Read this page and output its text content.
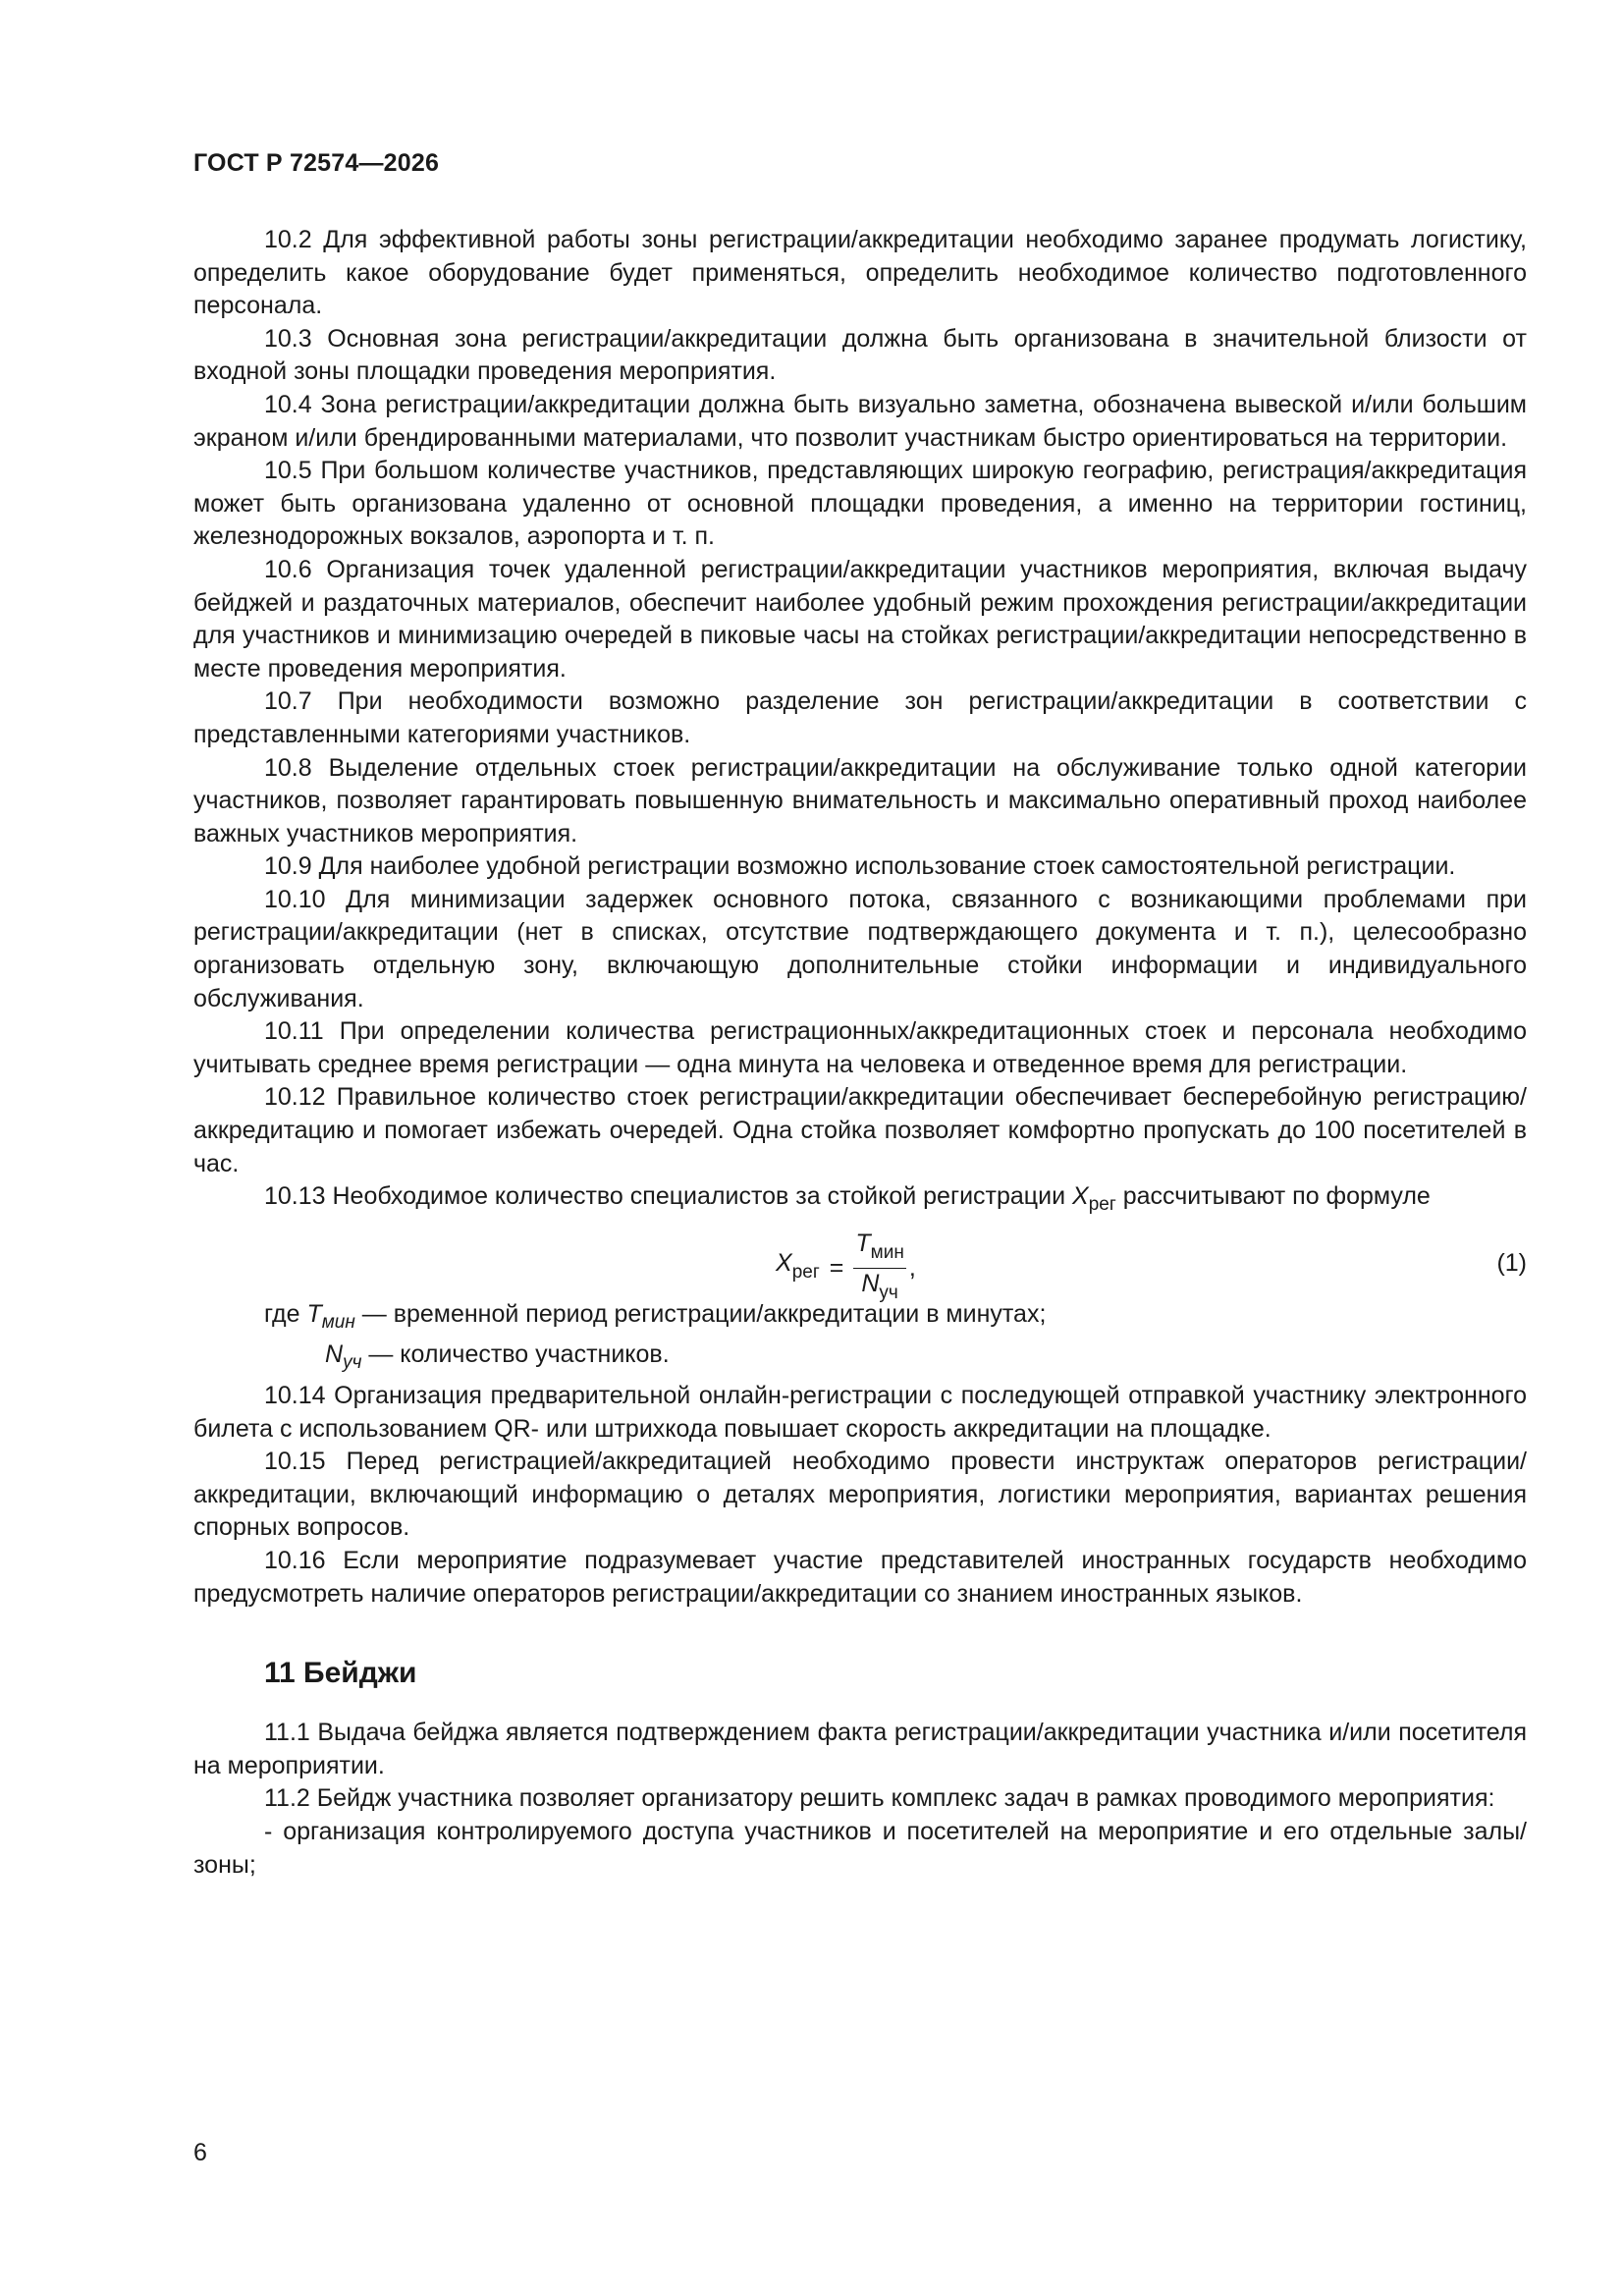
ГОСТ Р 72574—2026

10.2 Для эффективной работы зоны регистрации/аккредитации необходимо заранее продумать логистику, определить какое оборудование будет применяться, определить необходимое количество подготовленного персонала.

10.3 Основная зона регистрации/аккредитации должна быть организована в значительной близости от входной зоны площадки проведения мероприятия.

10.4 Зона регистрации/аккредитации должна быть визуально заметна, обозначена вывеской и/или большим экраном и/или брендированными материалами, что позволит участникам быстро ориентироваться на территории.

10.5 При большом количестве участников, представляющих широкую географию, регистрация/аккредитация может быть организована удаленно от основной площадки проведения, а именно на территории гостиниц, железнодорожных вокзалов, аэропорта и т. п.

10.6 Организация точек удаленной регистрации/аккредитации участников мероприятия, включая выдачу бейджей и раздаточных материалов, обеспечит наиболее удобный режим прохождения регистрации/аккредитации для участников и минимизацию очередей в пиковые часы на стойках регистрации/аккредитации непосредственно в месте проведения мероприятия.

10.7 При необходимости возможно разделение зон регистрации/аккредитации в соответствии с представленными категориями участников.

10.8 Выделение отдельных стоек регистрации/аккредитации на обслуживание только одной категории участников, позволяет гарантировать повышенную внимательность и максимально оперативный проход наиболее важных участников мероприятия.

10.9 Для наиболее удобной регистрации возможно использование стоек самостоятельной регистрации.

10.10 Для минимизации задержек основного потока, связанного с возникающими проблемами при регистрации/аккредитации (нет в списках, отсутствие подтверждающего документа и т. п.), целесообразно организовать отдельную зону, включающую дополнительные стойки информации и индивидуального обслуживания.

10.11 При определении количества регистрационных/аккредитационных стоек и персонала необходимо учитывать среднее время регистрации — одна минута на человека и отведенное время для регистрации.

10.12 Правильное количество стоек регистрации/аккредитации обеспечивает бесперебойную регистрацию/аккредитацию и помогает избежать очередей. Одна стойка позволяет комфортно пропускать до 100 посетителей в час.

10.13 Необходимое количество специалистов за стойкой регистрации $X_{рег}$ рассчитывают по формуле

$X_{рег} = \frac{T_{мин}}{N_{уч}}$ ,	(1)

где $T_{мин}$ — временной период регистрации/аккредитации в минутах;

$N_{уч}$ — количество участников.

10.14 Организация предварительной онлайн-регистрации с последующей отправкой участнику электронного билета с использованием QR- или штрихкода повышает скорость аккредитации на площадке.

10.15 Перед регистрацией/аккредитацией необходимо провести инструктаж операторов регистрации/аккредитации, включающий информацию о деталях мероприятия, логистики мероприятия, вариантах решения спорных вопросов.

10.16 Если мероприятие подразумевает участие представителей иностранных государств необходимо предусмотреть наличие операторов регистрации/аккредитации со знанием иностранных языков.

11 Бейджи

11.1 Выдача бейджа является подтверждением факта регистрации/аккредитации участника и/или посетителя на мероприятии.

11.2 Бейдж участника позволяет организатору решить комплекс задач в рамках проводимого мероприятия:

- организация контролируемого доступа участников и посетителей на мероприятие и его отдельные залы/зоны;

6
